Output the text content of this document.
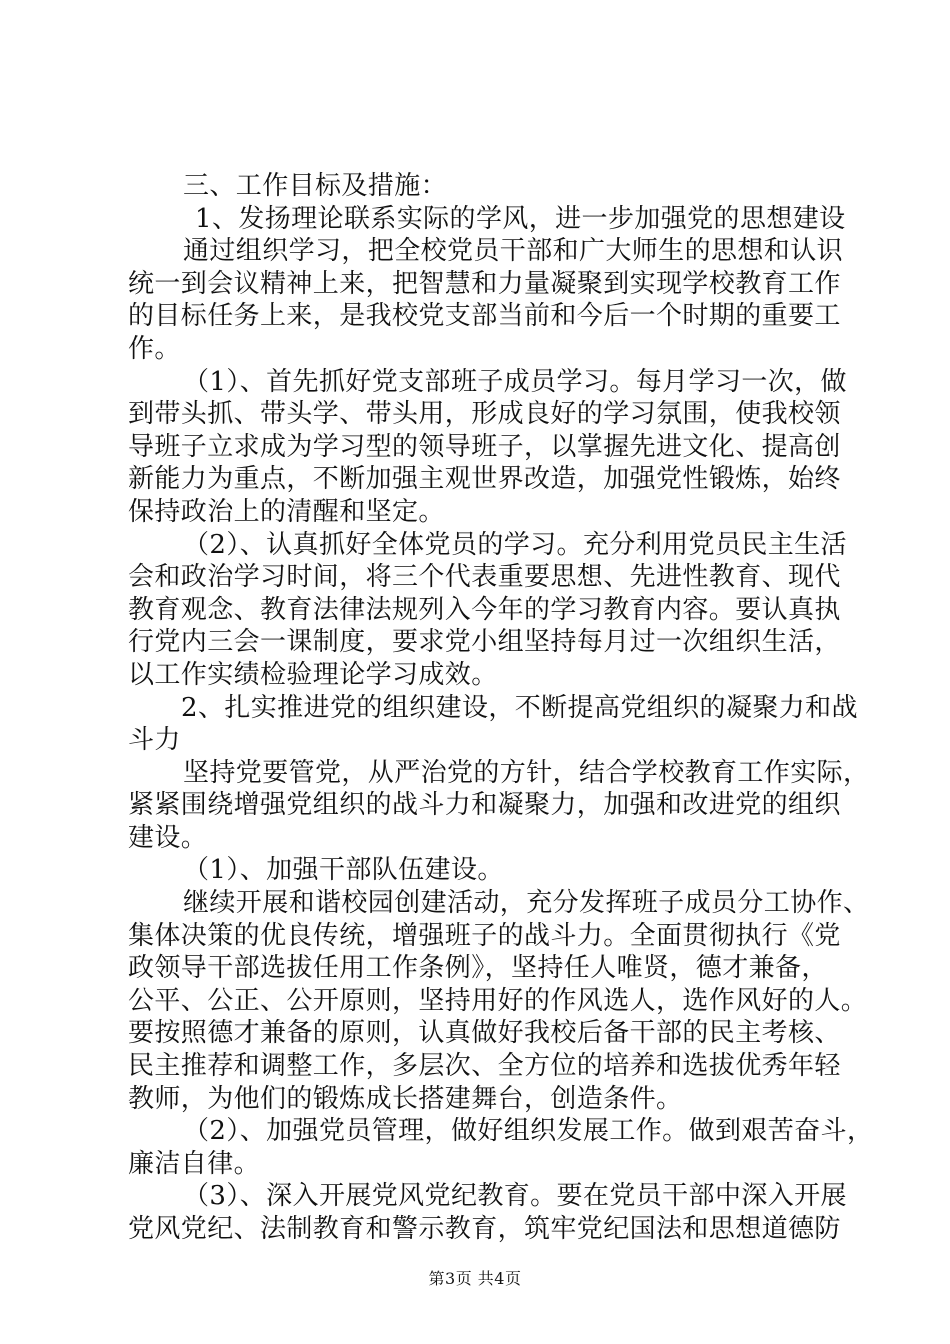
三、工作目标及措施：
1、发扬理论联系实际的学风，进一步加强党的思想建设
通过组织学习，把全校党员干部和广大师生的思想和认识
统一到会议精神上来，把智慧和力量凝聚到实现学校教育工作
的目标任务上来，是我校党支部当前和今后一个时期的重要工
作。
（1）、首先抓好党支部班子成员学习。每月学习一次，做
到带头抓、带头学、带头用，形成良好的学习氛围，使我校领
导班子立求成为学习型的领导班子，以掌握先进文化、提高创
新能力为重点，不断加强主观世界改造，加强党性锻炼，始终
保持政治上的清醒和坚定。
（2）、认真抓好全体党员的学习。充分利用党员民主生活
会和政治学习时间，将三个代表重要思想、先进性教育、现代
教育观念、教育法律法规列入今年的学习教育内容。要认真执
行党内三会一课制度，要求党小组坚持每月过一次组织生活，
以工作实绩检验理论学习成效。
2、扎实推进党的组织建设，不断提高党组织的凝聚力和战
斗力
坚持党要管党，从严治党的方针，结合学校教育工作实际，
紧紧围绕增强党组织的战斗力和凝聚力，加强和改进党的组织
建设。
（1）、加强干部队伍建设。
继续开展和谐校园创建活动，充分发挥班子成员分工协作、
集体决策的优良传统，增强班子的战斗力。全面贯彻执行《党
政领导干部选拔任用工作条例》，坚持任人唯贤，德才兼备，
公平、公正、公开原则，坚持用好的作风选人，选作风好的人。
要按照德才兼备的原则，认真做好我校后备干部的民主考核、
民主推荐和调整工作，多层次、全方位的培养和选拔优秀年轻
教师，为他们的锻炼成长搭建舞台，创造条件。
（2）、加强党员管理，做好组织发展工作。做到艰苦奋斗，
廉洁自律。
（3）、深入开展党风党纪教育。要在党员干部中深入开展
党风党纪、法制教育和警示教育，筑牢党纪国法和思想道德防
第3页 共4页
